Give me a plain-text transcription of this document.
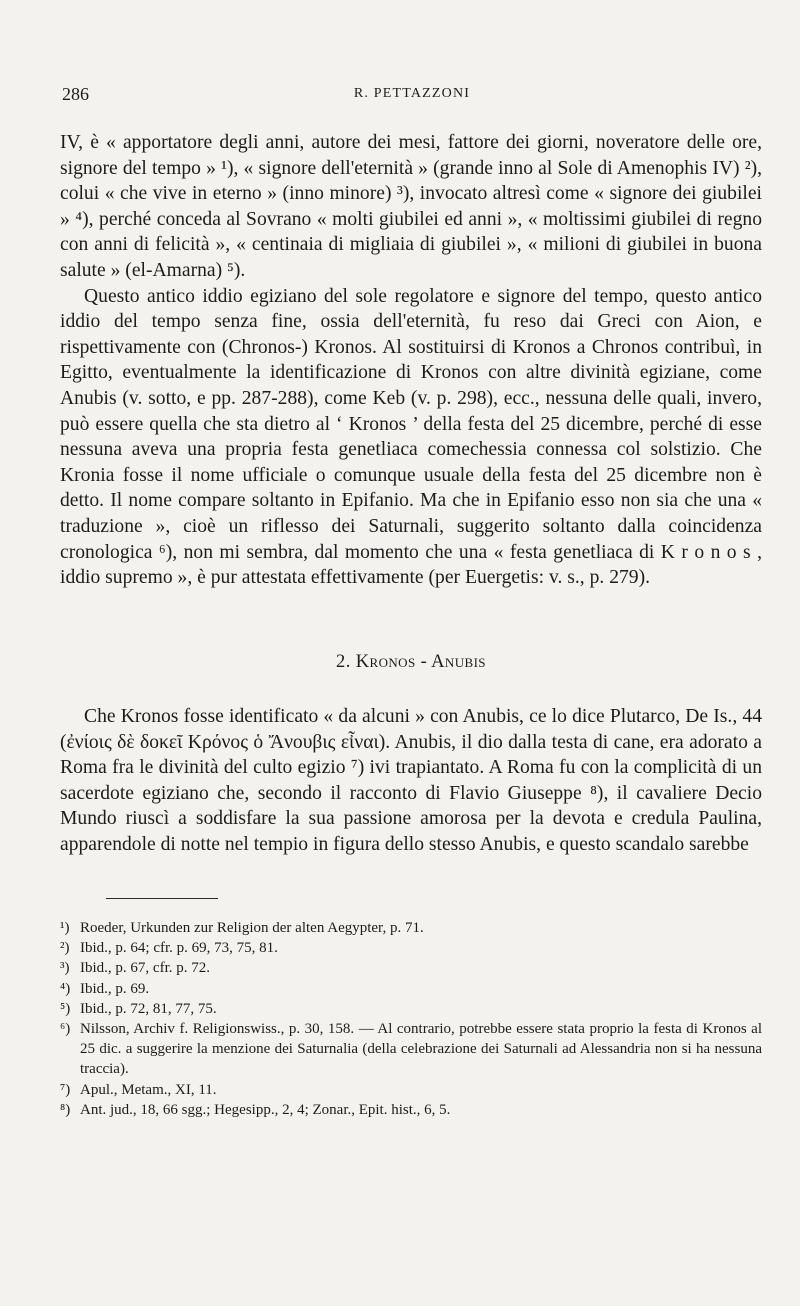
286	R. PETTAZZONI

IV, è « apportatore degli anni, autore dei mesi, fattore dei giorni, noveratore delle ore, signore del tempo » ¹), « signore dell'eternità » (grande inno al Sole di Amenophis IV) ²), colui « che vive in eterno » (inno minore) ³), invocato altresì come « signore dei giubilei » ⁴), perché conceda al Sovrano « molti giubilei ed anni », « moltissimi giubilei di regno con anni di felicità », « centinaia di migliaia di giubilei », « milioni di giubilei in buona salute » (el-Amarna) ⁵).

Questo antico iddio egiziano del sole regolatore e signore del tempo, questo antico iddio del tempo senza fine, ossia dell'eternità, fu reso dai Greci con Aion, e rispettivamente con (Chronos-) Kronos. Al sostituirsi di Kronos a Chronos contribuì, in Egitto, eventualmente la identificazione di Kronos con altre divinità egiziane, come Anubis (v. sotto, e pp. 287-288), come Keb (v. p. 298), ecc., nessuna delle quali, invero, può essere quella che sta dietro al ‘ Kronos ’ della festa del 25 dicembre, perché di esse nessuna aveva una propria festa genetliaca comechessia connessa col solstizio. Che Kronia fosse il nome ufficiale o comunque usuale della festa del 25 dicembre non è detto. Il nome compare soltanto in Epifanio. Ma che in Epifanio esso non sia che una « traduzione », cioè un riflesso dei Saturnali, suggerito soltanto dalla coincidenza cronologica ⁶), non mi sembra, dal momento che una « festa genetliaca di K r o n o s , iddio supremo », è pur attestata effettivamente (per Euergetis: v. s., p. 279).

2. Kronos - Anubis

Che Kronos fosse identificato « da alcuni » con Anubis, ce lo dice Plutarco, De Is., 44 (ἐνίοις δὲ δοκεῖ Κρόνος ὁ Ἄνουβις εἶναι). Anubis, il dio dalla testa di cane, era adorato a Roma fra le divinità del culto egizio ⁷) ivi trapiantato. A Roma fu con la complicità di un sacerdote egiziano che, secondo il racconto di Flavio Giuseppe ⁸), il cavaliere Decio Mundo riuscì a soddisfare la sua passione amorosa per la devota e credula Paulina, apparendole di notte nel tempio in figura dello stesso Anubis, e questo scandalo sarebbe

¹) Roeder, Urkunden zur Religion der alten Aegypter, p. 71.

²) Ibid., p. 64; cfr. p. 69, 73, 75, 81.

³) Ibid., p. 67, cfr. p. 72.

⁴) Ibid., p. 69.

⁵) Ibid., p. 72, 81, 77, 75.

⁶) Nilsson, Archiv f. Religionswiss., p. 30, 158. — Al contrario, potrebbe essere stata proprio la festa di Kronos al 25 dic. a suggerire la menzione dei Saturnalia (della celebrazione dei Saturnali ad Alessandria non si ha nessuna traccia).

⁷) Apul., Metam., XI, 11.

⁸) Ant. jud., 18, 66 sgg.; Hegesipp., 2, 4; Zonar., Epit. hist., 6, 5.
